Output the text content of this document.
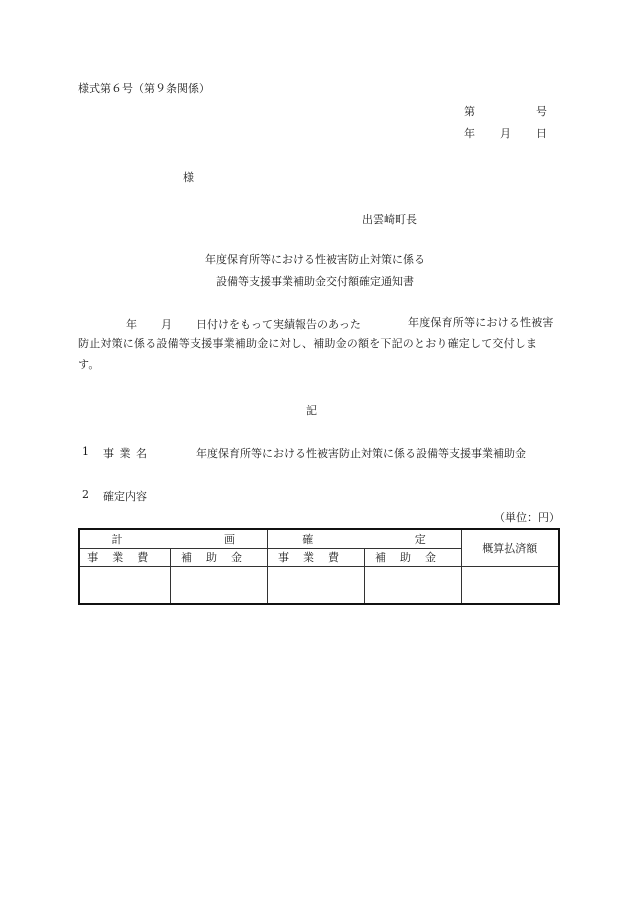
様式第６号（第９条関係）
第	号
年 月 日
様
出雲崎町長
年度保育所等における性被害防止対策に係る
設備等支援事業補助金交付額確定通知書
年 月 日付けをもって実績報告のあった	年度保育所等における性被害防止対策に係る設備等支援事業補助金に対し、補助金の額を下記のとおり確定して交付します。
記
1 事 業 名	年度保育所等における性被害防止対策に係る設備等支援事業補助金
2 確定内容
（単位：円）
計 画		確 定		概算払済額
事業費	補助金	事業費	補助金	
